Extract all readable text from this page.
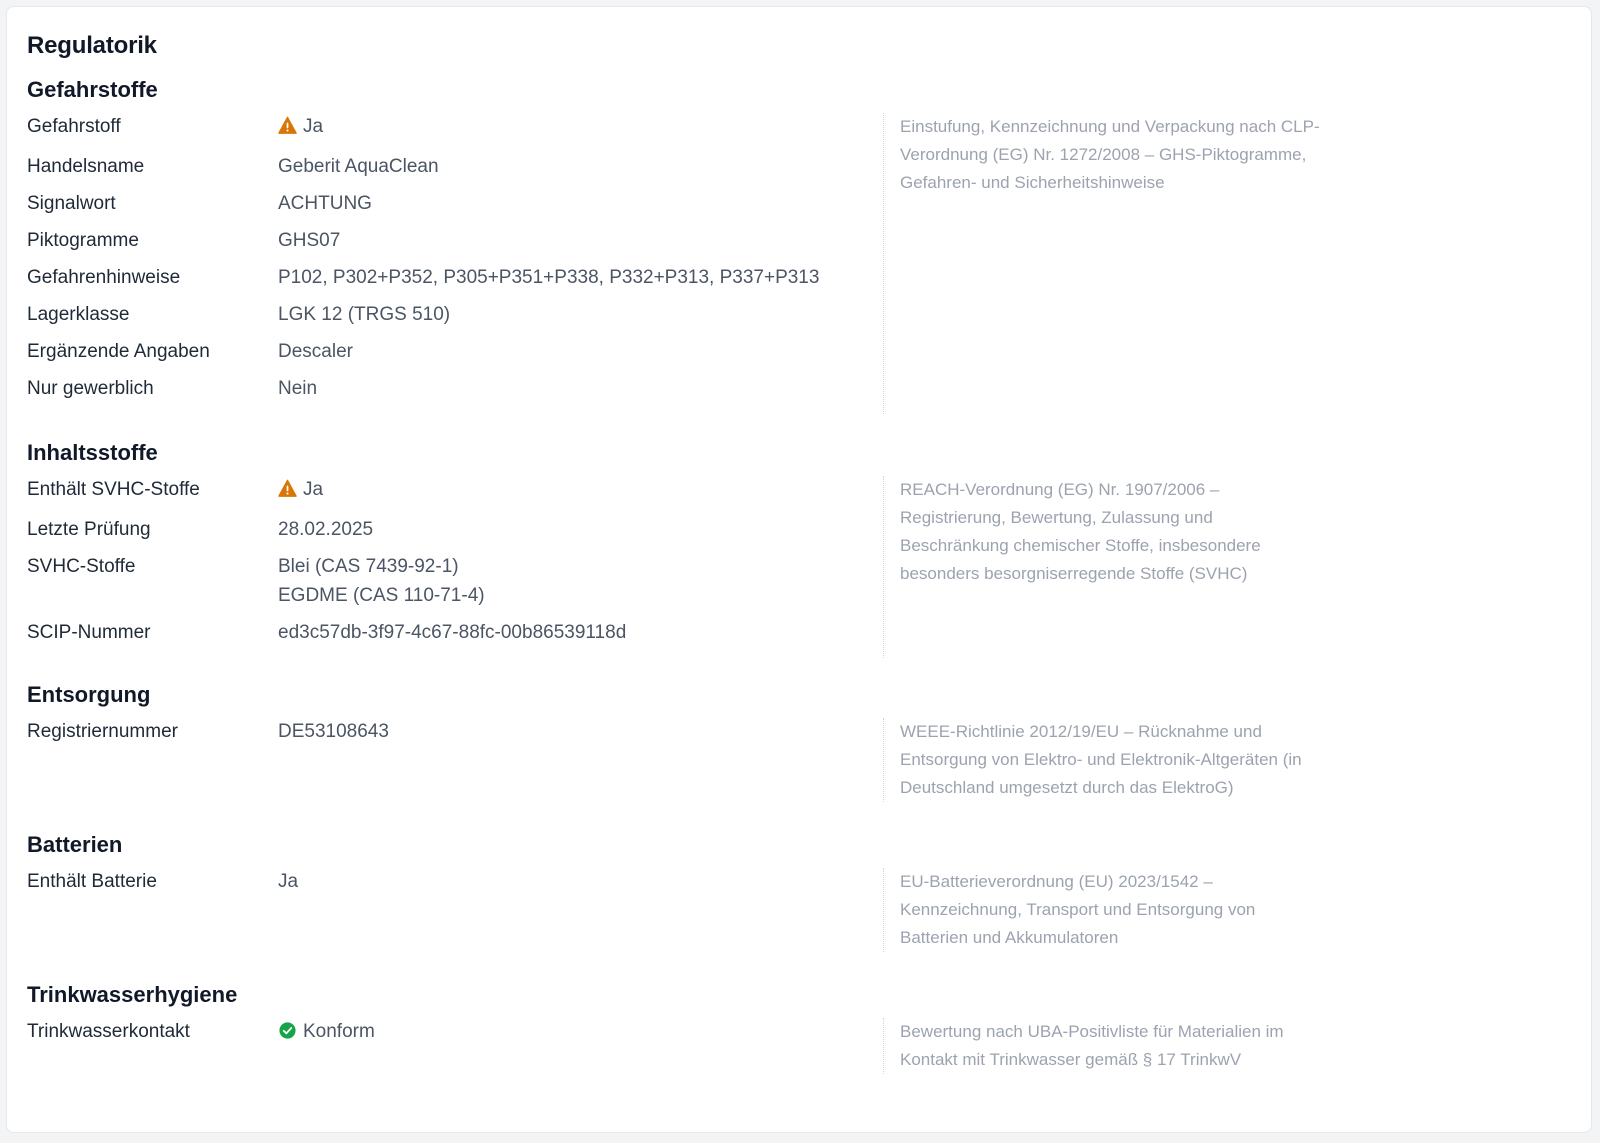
Regulatorik
Gefahrstoffe
Gefahrstoff	Ja
Handelsname	Geberit AquaClean
Signalwort	ACHTUNG
Piktogramme	GHS07
Gefahrenhinweise	P102, P302+P352, P305+P351+P338, P332+P313, P337+P313
Lagerklasse	LGK 12 (TRGS 510)
Ergänzende Angaben	Descaler
Nur gewerblich	Nein
Einstufung, Kennzeichnung und Verpackung nach CLP-Verordnung (EG) Nr. 1272/2008 – GHS-Piktogramme, Gefahren- und Sicherheitshinweise
Inhaltsstoffe
Enthält SVHC-Stoffe	Ja
Letzte Prüfung	28.02.2025
SVHC-Stoffe	Blei (CAS 7439-92-1)
EGDME (CAS 110-71-4)
SCIP-Nummer	ed3c57db-3f97-4c67-88fc-00b86539118d
REACH-Verordnung (EG) Nr. 1907/2006 – Registrierung, Bewertung, Zulassung und Beschränkung chemischer Stoffe, insbesondere besonders besorgniserregende Stoffe (SVHC)
Entsorgung
Registriernummer	DE53108643	WEEE-Richtlinie 2012/19/EU – Rücknahme und Entsorgung von Elektro- und Elektronik-Altgeräten (in Deutschland umgesetzt durch das ElektroG)
Batterien
Enthält Batterie	Ja	EU-Batterieverordnung (EU) 2023/1542 – Kennzeichnung, Transport und Entsorgung von Batterien und Akkumulatoren
Trinkwasserhygiene
Trinkwasserkontakt	Konform	Bewertung nach UBA-Positivliste für Materialien im Kontakt mit Trinkwasser gemäß § 17 TrinkwV
